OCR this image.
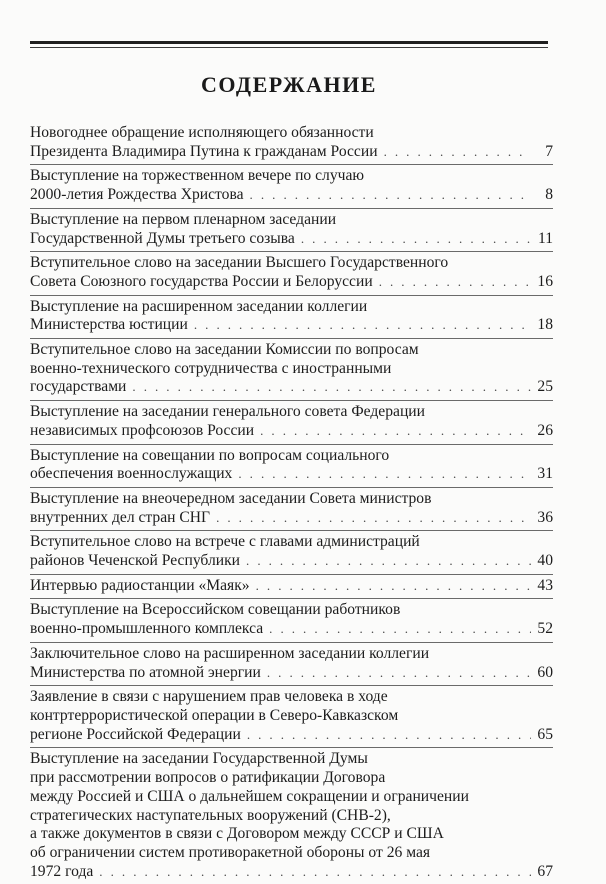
СОДЕРЖАНИЕ
Новогоднее обращение исполняющего обязанности
Президента Владимира Путина к гражданам России . . .	7
Выступление на торжественном вечере по случаю
2000-летия Рождества Христова . . .	8
Выступление на первом пленарном заседании
Государственной Думы третьего созыва . . .	11
Вступительное слово на заседании Высшего Государственного
Совета Союзного государства России и Белоруссии . . .	16
Выступление на расширенном заседании коллегии
Министерства юстиции . . .	18
Вступительное слово на заседании Комиссии по вопросам
военно-технического сотрудничества с иностранными
государствами . . .	25
Выступление на заседании генерального совета Федерации
независимых профсоюзов России . . .	26
Выступление на совещании по вопросам социального
обеспечения военнослужащих . . .	31
Выступление на внеочередном заседании Совета министров
внутренних дел стран СНГ . . .	36
Вступительное слово на встрече с главами администраций
районов Чеченской Республики . . .	40
Интервью радиостанции «Маяк» . . .	43
Выступление на Всероссийском совещании работников
военно-промышленного комплекса . . .	52
Заключительное слово на расширенном заседании коллегии
Министерства по атомной энергии . . .	60
Заявление в связи с нарушением прав человека в ходе
контртеррористической операции в Северо-Кавказском
регионе Российской Федерации . . .	65
Выступление на заседании Государственной Думы
при рассмотрении вопросов о ратификации Договора
между Россией и США о дальнейшем сокращении и ограничении
стратегических наступательных вооружений (СНВ-2),
а также документов в связи с Договором между СССР и США
об ограничении систем противоракетной обороны от 26 мая
1972 года . . .	67
